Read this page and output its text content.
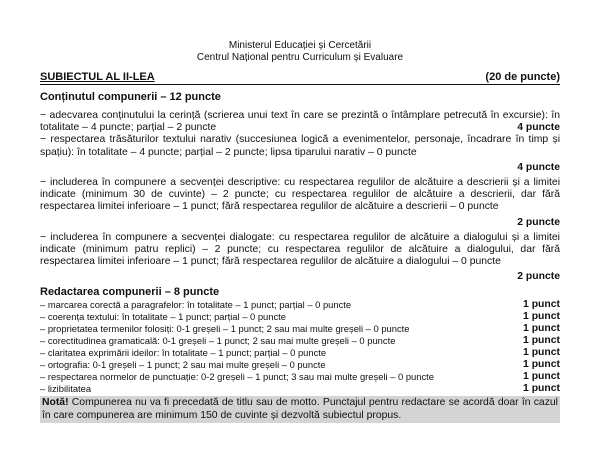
Ministerul Educației și Cercetării
Centrul Național pentru Curriculum și Evaluare
SUBIECTUL AL II-LEA	(20 de puncte)
Conținutul compunerii – 12 puncte
− adecvarea conținutului la cerință (scrierea unui text în care se prezintă o întâmplare petrecută în excursie): în totalitate – 4 puncte; parțial – 2 puncte	4 puncte
− respectarea trăsăturilor textului narativ (succesiunea logică a evenimentelor, personaje, încadrare în timp și spațiu): în totalitate – 4 puncte; parțial – 2 puncte; lipsa tiparului narativ – 0 puncte
4 puncte
− includerea în compunere a secvenței descriptive: cu respectarea regulilor de alcătuire a descrierii și a limitei indicate (minimum 30 de cuvinte) – 2 puncte; cu respectarea regulilor de alcătuire a descrierii, dar fără respectarea limitei inferioare – 1 punct; fără respectarea regulilor de alcătuire a descrierii – 0 puncte
2 puncte
− includerea în compunere a secvenței dialogate: cu respectarea regulilor de alcătuire a dialogului și a limitei indicate (minimum patru replici) – 2 puncte; cu respectarea regulilor de alcătuire a dialogului, dar fără respectarea limitei inferioare – 1 punct; fără respectarea regulilor de alcătuire a dialogului – 0 puncte
2 puncte
Redactarea compunerii – 8 puncte
– marcarea corectă a paragrafelor: în totalitate – 1 punct; parțial – 0 puncte	1 punct
– coerența textului: în totalitate – 1 punct; parțial – 0 puncte	1 punct
– proprietatea termenilor folosiți: 0-1 greșeli – 1 punct; 2 sau mai multe greșeli – 0 puncte	1 punct
– corectitudinea gramaticală: 0-1 greșeli – 1 punct; 2 sau mai multe greșeli – 0 puncte	1 punct
– claritatea exprimării ideilor: în totalitate – 1 punct; parțial – 0 puncte	1 punct
– ortografia: 0-1 greșeli – 1 punct; 2 sau mai multe greșeli – 0 puncte	1 punct
– respectarea normelor de punctuație: 0-2 greșeli – 1 punct; 3 sau mai multe greșeli – 0 puncte	1 punct
– lizibilitatea	1 punct
Notă! Compunerea nu va fi precedată de titlu sau de motto. Punctajul pentru redactare se acordă doar în cazul în care compunerea are minimum 150 de cuvinte și dezvoltă subiectul propus.
